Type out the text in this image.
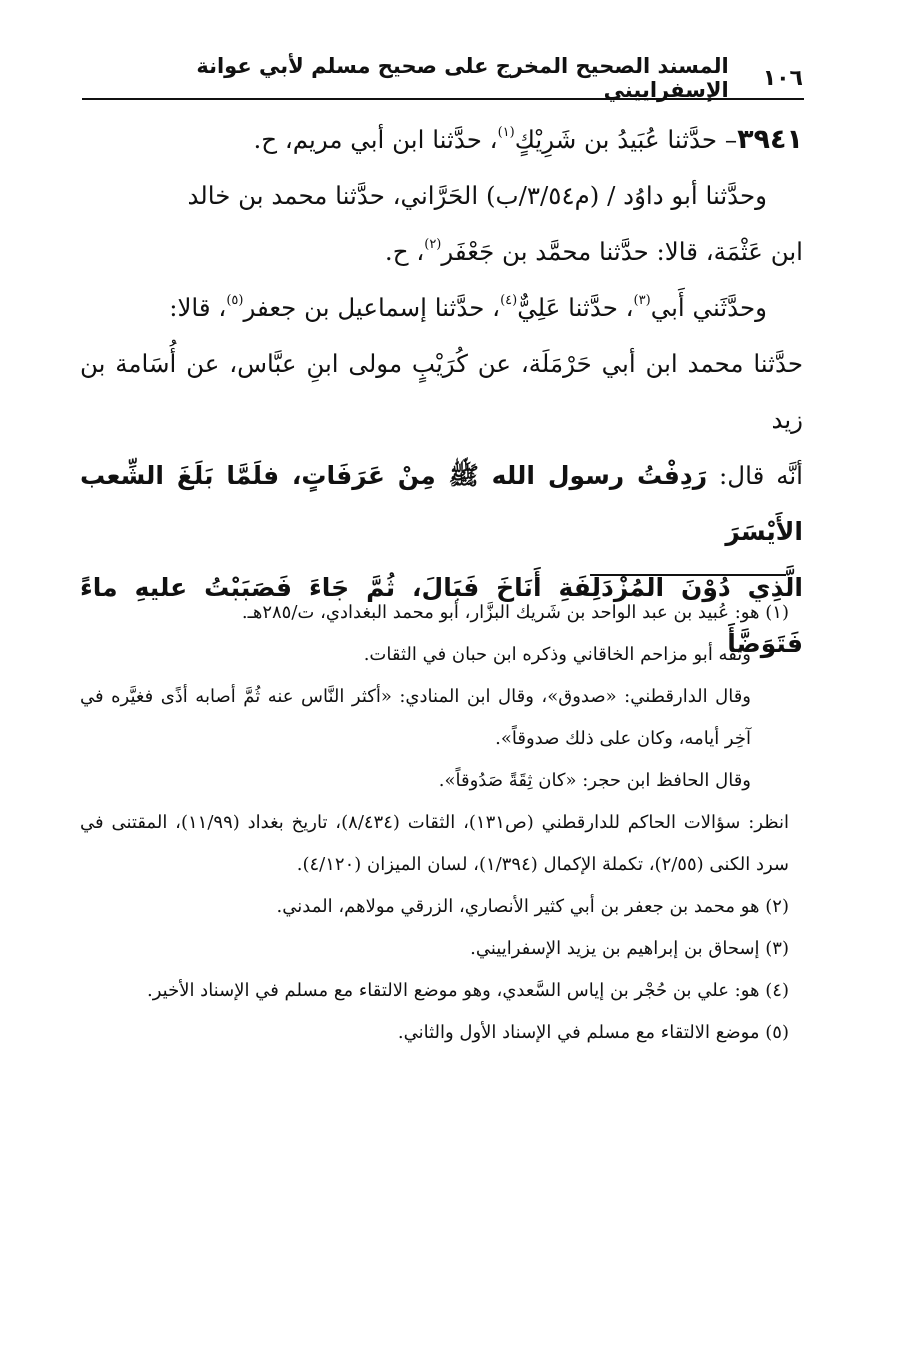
١٠٦
المسند الصحيح المخرج على صحيح مسلم لأبي عوانة الإسفراييني

٣٩٤١– حدَّثنا عُبَيدُ بن شَرِيْكٍ$^{(١)}$، حدَّثنا ابن أبي مريم، ح.

وحدَّثنا أبو داوُد / (م٣/٥٤/ب) الحَرَّاني، حدَّثنا محمد بن خالد

ابن عَثْمَة، قالا: حدَّثنا محمَّد بن جَعْفَر$^{(٢)}$، ح.

وحدَّثَني أَبي$^{(٣)}$، حدَّثنا عَلِيٌّ$^{(٤)}$، حدَّثنا إسماعيل بن جعفر$^{(٥)}$، قالا:

حدَّثنا محمد ابن أبي حَرْمَلَة، عن كُرَيْبٍ مولى ابنِ عبَّاس، عن أُسَامة بن زيد

أنَّه قال: رَدِفْتُ رسول الله ﷺ مِنْ عَرَفَاتٍ، فلَمَّا بَلَغَ الشِّعب الأَيْسَرَ

الَّذِي دُوْنَ المُزْدَلِفَةِ أَنَاخَ فَبَالَ، ثُمَّ جَاءَ فَصَبَبْتُ عليهِ ماءً فَتَوَضَّأَ

(١) هو: عُبيد بن عبد الواحد بن شَريك البزَّار، أبو محمد البغدادي، ت/٢٨٥هـ.

وثقه أبو مزاحم الخاقاني وذكره ابن حبان في الثقات.

وقال الدارقطني: «صدوق»، وقال ابن المنادي: «أكثر النَّاس عنه ثُمَّ أصابه أذًى فغيَّره في آخِر أيامه، وكان على ذلك صدوقاً».

وقال الحافظ ابن حجر: «كان ثِقَةً صَدُوقاً».

انظر: سؤالات الحاكم للدارقطني (ص١٣١)، الثقات (٨/٤٣٤)، تاريخ بغداد (١١/٩٩)، المقتنى في سرد الكنى (٢/٥٥)، تكملة الإكمال (١/٣٩٤)، لسان الميزان (٤/١٢٠).

(٢) هو محمد بن جعفر بن أبي كثير الأنصاري، الزرقي مولاهم، المدني.

(٣) إسحاق بن إبراهيم بن يزيد الإسفراييني.

(٤) هو: علي بن حُجْر بن إياس السَّعدي، وهو موضع الالتقاء مع مسلم في الإسناد الأخير.

(٥) موضع الالتقاء مع مسلم في الإسناد الأول والثاني.
